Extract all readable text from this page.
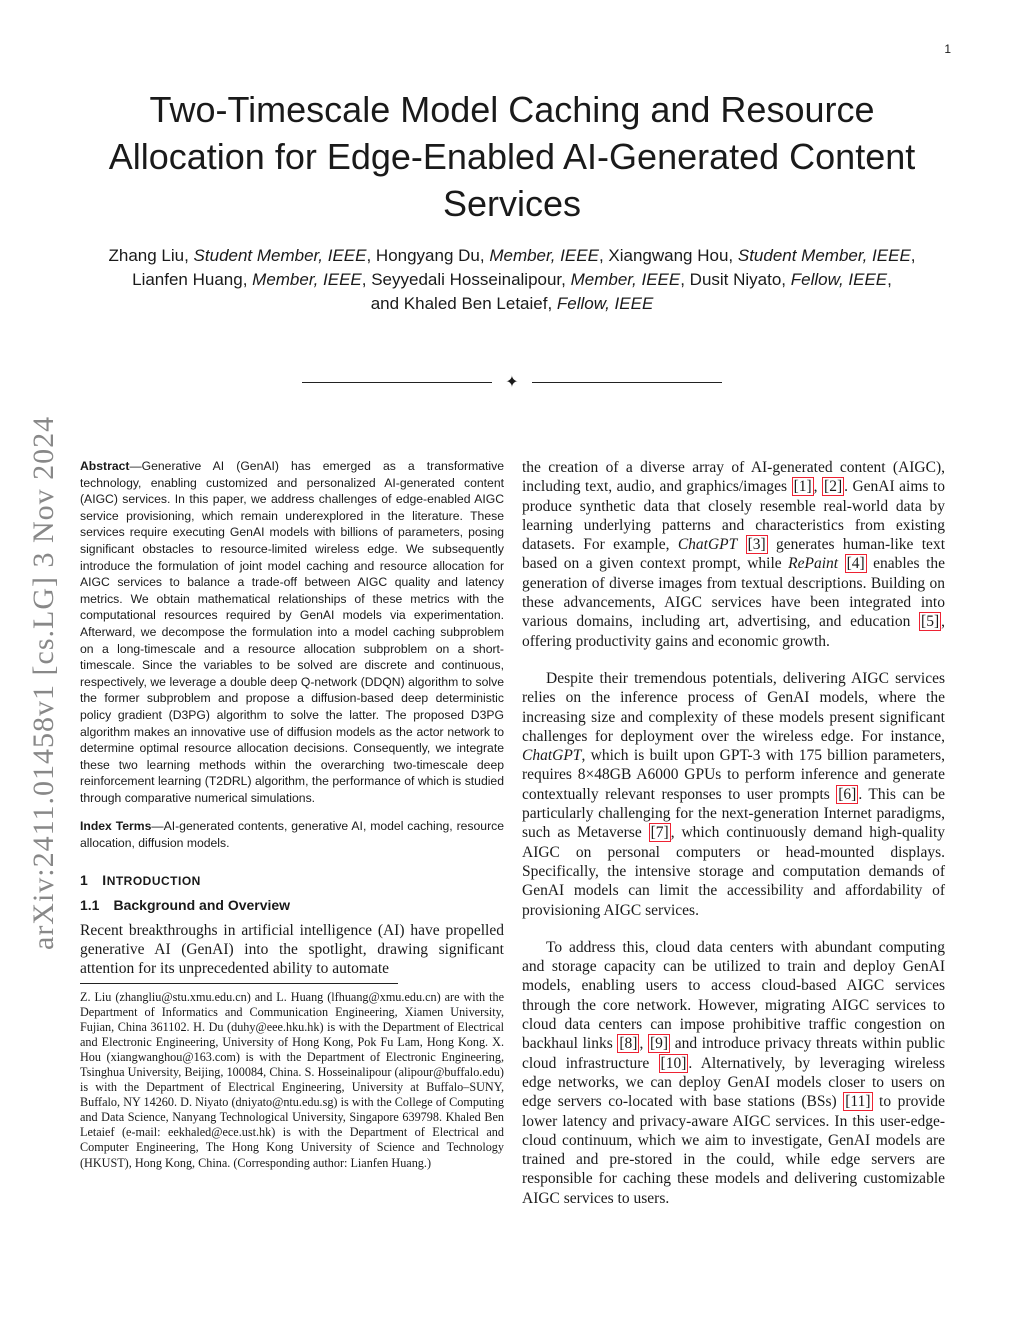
1
arXiv:2411.01458v1 [cs.LG] 3 Nov 2024
Two-Timescale Model Caching and Resource Allocation for Edge-Enabled AI-Generated Content Services
Zhang Liu, Student Member, IEEE, Hongyang Du, Member, IEEE, Xiangwang Hou, Student Member, IEEE,
Lianfen Huang, Member, IEEE, Seyyedali Hosseinalipour, Member, IEEE, Dusit Niyato, Fellow, IEEE,
and Khaled Ben Letaief, Fellow, IEEE
✦

Abstract—Generative AI (GenAI) has emerged as a transformative technology, enabling customized and personalized AI-generated content (AIGC) services. In this paper, we address challenges of edge-enabled AIGC service provisioning, which remain underexplored in the literature. These services require executing GenAI models with billions of parameters, posing significant obstacles to resource-limited wireless edge. We subsequently introduce the formulation of joint model caching and resource allocation for AIGC services to balance a trade-off between AIGC quality and latency metrics. We obtain mathematical relationships of these metrics with the computational resources required by GenAI models via experimentation. Afterward, we decompose the formulation into a model caching subproblem on a long-timescale and a resource allocation subproblem on a short-timescale. Since the variables to be solved are discrete and continuous, respectively, we leverage a double deep Q-network (DDQN) algorithm to solve the former subproblem and propose a diffusion-based deep deterministic policy gradient (D3PG) algorithm to solve the latter. The proposed D3PG algorithm makes an innovative use of diffusion models as the actor network to determine optimal resource allocation decisions. Consequently, we integrate these two learning methods within the overarching two-timescale deep reinforcement learning (T2DRL) algorithm, the performance of which is studied through comparative numerical simulations.

Index Terms—AI-generated contents, generative AI, model caching, resource allocation, diffusion models.

1 INTRODUCTION
1.1 Background and Overview

Recent breakthroughs in artificial intelligence (AI) have propelled generative AI (GenAI) into the spotlight, drawing significant attention for its unprecedented ability to automate

Z. Liu (zhangliu@stu.xmu.edu.cn) and L. Huang (lfhuang@xmu.edu.cn) are with the Department of Informatics and Communication Engineering, Xiamen University, Fujian, China 361102. H. Du (duhy@eee.hku.hk) is with the Department of Electrical and Electronic Engineering, University of Hong Kong, Pok Fu Lam, Hong Kong. X. Hou (xiangwanghou@163.com) is with the Department of Electronic Engineering, Tsinghua University, Beijing, 100084, China. S. Hosseinalipour (alipour@buffalo.edu) is with the Department of Electrical Engineering, University at Buffalo–SUNY, Buffalo, NY 14260. D. Niyato (dniyato@ntu.edu.sg) is with the College of Computing and Data Science, Nanyang Technological University, Singapore 639798. Khaled Ben Letaief (e-mail: eekhaled@ece.ust.hk) is with the Department of Electrical and Computer Engineering, The Hong Kong University of Science and Technology (HKUST), Hong Kong, China. (Corresponding author: Lianfen Huang.)

the creation of a diverse array of AI-generated content (AIGC), including text, audio, and graphics/images [1] , [2] . GenAI aims to produce synthetic data that closely resemble real-world data by learning underlying patterns and characteristics from existing datasets. For example, ChatGPT [3] generates human-like text based on a given context prompt, while RePaint [4] enables the generation of diverse images from textual descriptions. Building on these advancements, AIGC services have been integrated into various domains, including art, advertising, and education [5] , offering productivity gains and economic growth.

Despite their tremendous potentials, delivering AIGC services relies on the inference process of GenAI models, where the increasing size and complexity of these models present significant challenges for deployment over the wireless edge. For instance, ChatGPT, which is built upon GPT-3 with 175 billion parameters, requires 8×48GB A6000 GPUs to perform inference and generate contextually relevant responses to user prompts [6] . This can be particularly challenging for the next-generation Internet paradigms, such as Metaverse [7] , which continuously demand high-quality AIGC on personal computers or head-mounted displays. Specifically, the intensive storage and computation demands of GenAI models can limit the accessibility and affordability of provisioning AIGC services.

To address this, cloud data centers with abundant computing and storage capacity can be utilized to train and deploy GenAI models, enabling users to access cloud-based AIGC services through the core network. However, migrating AIGC services to cloud data centers can impose prohibitive traffic congestion on backhaul links [8] , [9] and introduce privacy threats within public cloud infrastructure [10] . Alternatively, by leveraging wireless edge networks, we can deploy GenAI models closer to users on edge servers co-located with base stations (BSs) [11] to provide lower latency and privacy-aware AIGC services. In this user-edge-cloud continuum, which we aim to investigate, GenAI models are trained and pre-stored in the could, while edge servers are responsible for caching these models and delivering customizable AIGC services to users.
